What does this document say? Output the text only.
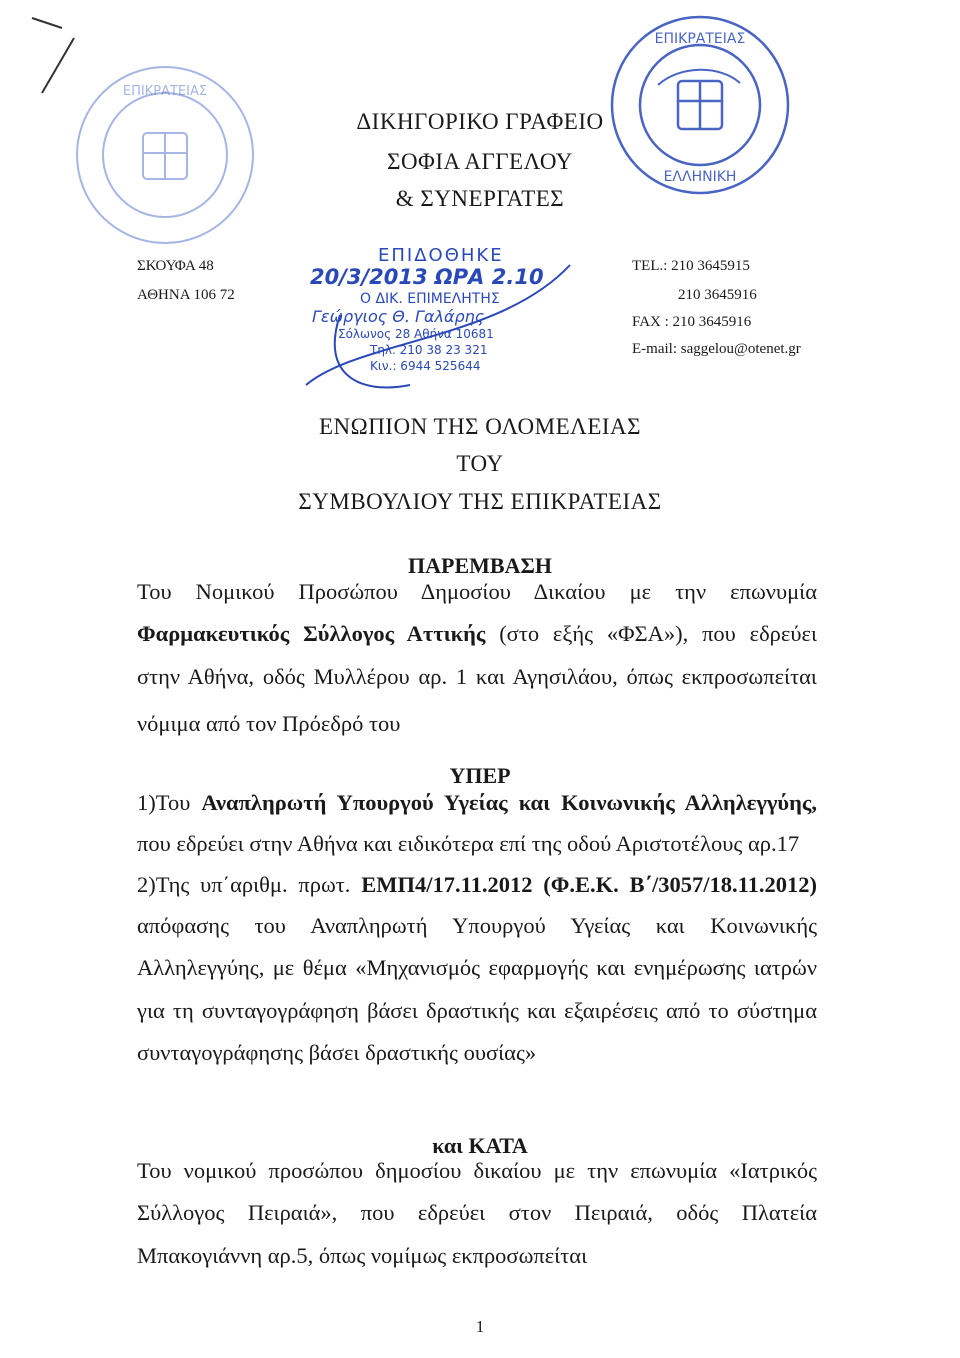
ΕΠΙΚΡΑΤΕΙΑΣ
ΕΠΙΚΡΑΤΕΙΑΣ
ΕΛΛΗΝΙΚΗ
ΔΙΚΗΓΟΡΙΚΟ ΓΡΑΦΕΙΟ
ΣΟΦΙΑ ΑΓΓΕΛΟΥ
& ΣΥΝΕΡΓΑΤΕΣ
ΣΚΟΥΦΑ 48
ΑΘΗΝΑ 106 72
TEL.: 210 3645915
210 3645916
FAX : 210 3645916
E-mail: saggelou@otenet.gr
ΕΠΙΔΟΘΗΚΕ
20/3/2013 ΩΡΑ 2.10
Ο ΔΙΚ. ΕΠΙΜΕΛΗΤΗΣ
Γεώργιος Θ. Γαλάρης
Σόλωνος 28 Αθήνα 10681
Τηλ. 210 38 23 321
Κιν.: 6944 525644
ΕΝΩΠΙΟΝ ΤΗΣ ΟΛΟΜΕΛΕΙΑΣ
ΤΟΥ
ΣΥΜΒΟΥΛΙΟΥ ΤΗΣ ΕΠΙΚΡΑΤΕΙΑΣ
ΠΑΡΕΜΒΑΣΗ
Του Νομικού Προσώπου Δημοσίου Δικαίου με την επωνυμία
Φαρμακευτικός Σύλλογος Αττικής (στο εξής «ΦΣΑ»), που εδρεύει
στην Αθήνα, οδός Μυλλέρου αρ. 1 και Αγησιλάου, όπως εκπροσωπείται
νόμιμα από τον Πρόεδρό του
ΥΠΕΡ
1)Του Αναπληρωτή Υπουργού Υγείας και Κοινωνικής Αλληλεγγύης,
που εδρεύει στην Αθήνα και ειδικότερα επί της οδού Αριστοτέλους αρ.17
2)Της υπ΄αριθμ. πρωτ. ΕΜΠ4/17.11.2012 (Φ.Ε.Κ. Β΄/3057/18.11.2012)
απόφασης του Αναπληρωτή Υπουργού Υγείας και Κοινωνικής
Αλληλεγγύης, με θέμα «Μηχανισμός εφαρμογής και ενημέρωσης ιατρών
για τη συνταγογράφηση βάσει δραστικής και εξαιρέσεις από το σύστημα
συνταγογράφησης βάσει δραστικής ουσίας»
και ΚΑΤΑ
Του νομικού προσώπου δημοσίου δικαίου με την επωνυμία «Ιατρικός
Σύλλογος Πειραιά», που εδρεύει στον Πειραιά, οδός Πλατεία
Μπακογιάννη αρ.5, όπως νομίμως εκπροσωπείται
1
